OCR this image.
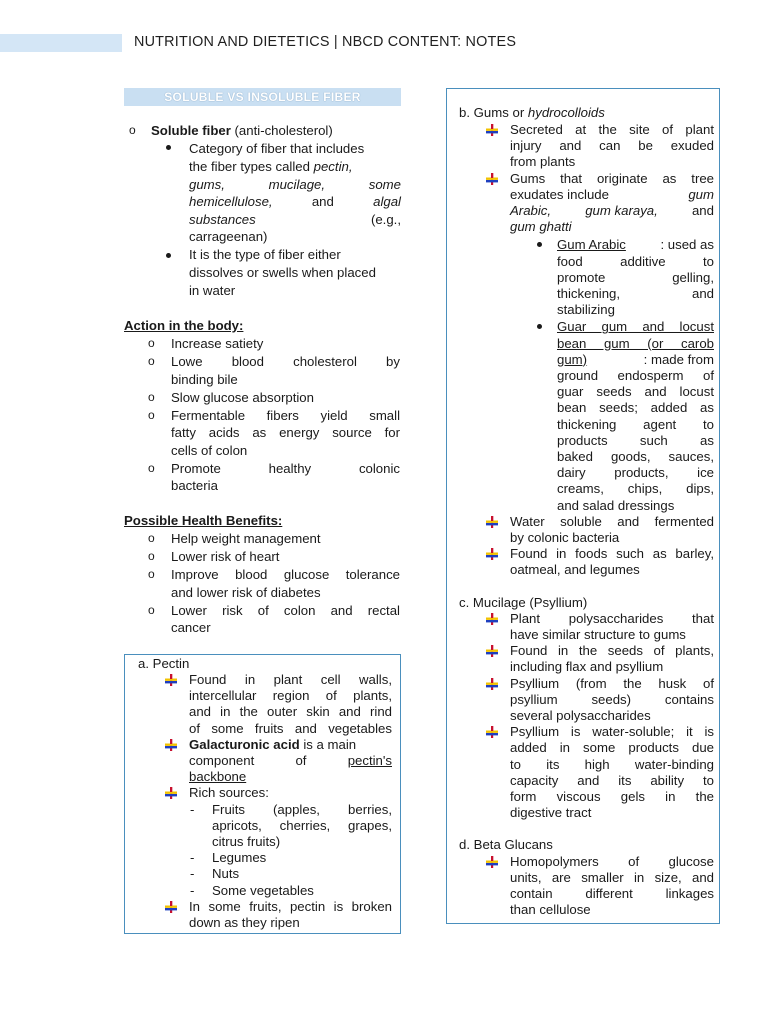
NUTRITION AND DIETETICS | NBCD CONTENT: NOTES
SOLUBLE VS INSOLUBLE FIBER
o Soluble fiber (anti-cholesterol)
Category of fiber that includes
the fiber types called pectin,
gums,	mucilage,	some
hemicellulose,	and	algal
substances	(e.g.,
carrageenan)
It is the type of fiber either
dissolves or swells when placed
in water
Action in the body:
o Increase satiety
o Lowe blood cholesterol by
binding bile
o Slow glucose absorption
o Fermentable fibers yield small
fatty acids as energy source for
cells of colon
o Promote healthy colonic
bacteria
Possible Health Benefits:
o Help weight management
o Lower risk of heart
o Improve blood glucose tolerance
and lower risk of diabetes
o Lower risk of colon and rectal
cancer
a. Pectin
Found in plant cell walls,
intercellular region of plants,
and in the outer skin and rind
of some fruits and vegetables
Galacturonic acid is a main
component	of	pectin's
backbone
Rich sources:
- Fruits (apples, berries,
apricots, cherries, grapes,
citrus fruits)
- Legumes
- Nuts
- Some vegetables
In some fruits, pectin is broken
down as they ripen
b. Gums or hydrocolloids
Secreted at the site of plant
injury and can be exuded
from plants
Gums that originate as tree
exudates include	gum
Arabic,	gum karaya,	and
gum ghatti
Gum Arabic	: used as
food additive to
promote gelling,
thickening, and
stabilizing
Guar gum and locust
bean gum (or carob
gum)	: made from
ground endosperm of
guar seeds and locust
bean seeds; added as
thickening agent to
products such as
baked goods, sauces,
dairy products, ice
creams, chips, dips,
and salad dressings
Water soluble and fermented
by colonic bacteria
Found in foods such as barley,
oatmeal, and legumes
c. Mucilage (Psyllium)
Plant polysaccharides that
have similar structure to gums
Found in the seeds of plants,
including flax and psyllium
Psyllium (from the husk of
psyllium seeds) contains
several polysaccharides
Psyllium is water-soluble; it is
added in some products due
to its high water-binding
capacity and its ability to
form viscous gels in the
digestive tract
d. Beta Glucans
Homopolymers of glucose
units, are smaller in size, and
contain different linkages
than cellulose
